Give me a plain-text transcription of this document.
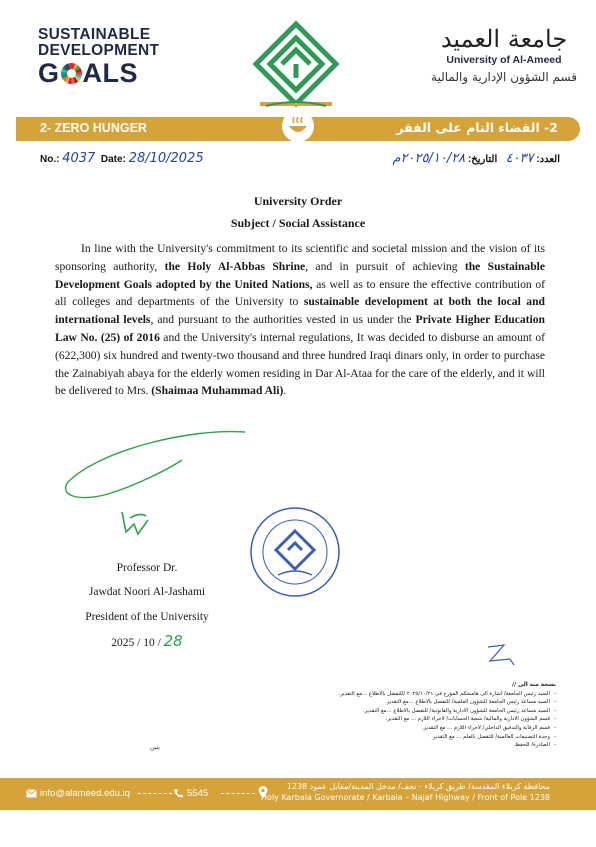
SUSTAINABLE
DEVELOPMENT
G ALS
جامعة العميد
University of Al-Ameed
قسم الشؤون الإدارية والمالية
2- ZERO HUNGER	2- القضاء التام على الفقر
No.: 4037 Date: 28/10/2025	العدد: ٤٠٣٧   التاريخ: ٢٠٢٥/١٠/٢٨م
University Order
Subject / Social Assistance
In line with the University's commitment to its scientific and societal mission and the vision of its sponsoring authority, the Holy Al-Abbas Shrine, and in pursuit of achieving the Sustainable Development Goals adopted by the United Nations, as well as to ensure the effective contribution of all colleges and departments of the University to sustainable development at both the local and international levels, and pursuant to the authorities vested in us under the Private Higher Education Law No. (25) of 2016 and the University's internal regulations, It was decided to disburse an amount of (622,300) six hundred and twenty-two thousand and three hundred Iraqi dinars only, in order to purchase the Zainabiyah abaya for the elderly women residing in Dar Al-Ataa for the care of the elderly, and it will be delivered to Mrs. (Shaimaa Muhammad Ali).
Professor Dr.
Jawdat Noori Al-Jashami
President of the University
2025 / 10 / 28
نسخة منه الى //
- السيد رئيس الجامعة/ اشارة الى هامشكم المؤرخ في ٢٠٢٥/١٠/٢١ /للتفضل بالاطلاع ...مع التقدير.
- السيد مساعد رئيس الجامعة للشؤون العلمية/ للتفضل بالاطلاع ...مع التقدير.
- السيد مساعد رئيس الجامعة للشؤون الادارية والقانونية/ للتفضل بالاطلاع ...مع التقدير.
- قسم الشؤون الادارية والمالية/ شعبة الحسابات/ لاجراء اللازم ... مع التقدير.
- قسم الرقابة والتدقيق الداخلي/ لاجراء اللازم ... مع التقدير.
- وحدة التصنيفات العالمية/ للتفضل بالعلم ... مع التقدير.
- الصادرة/ للحفظ.
بنين
info@alameed.edu.iq	5545
محافظة كربلاء المقدسة/ طريق كربلاء - نجف/ مدخل المدينة/مقابل عمود 1238
Holy Karbala Governorate / Karbala – Najaf Highway / Front of Pole 1238
